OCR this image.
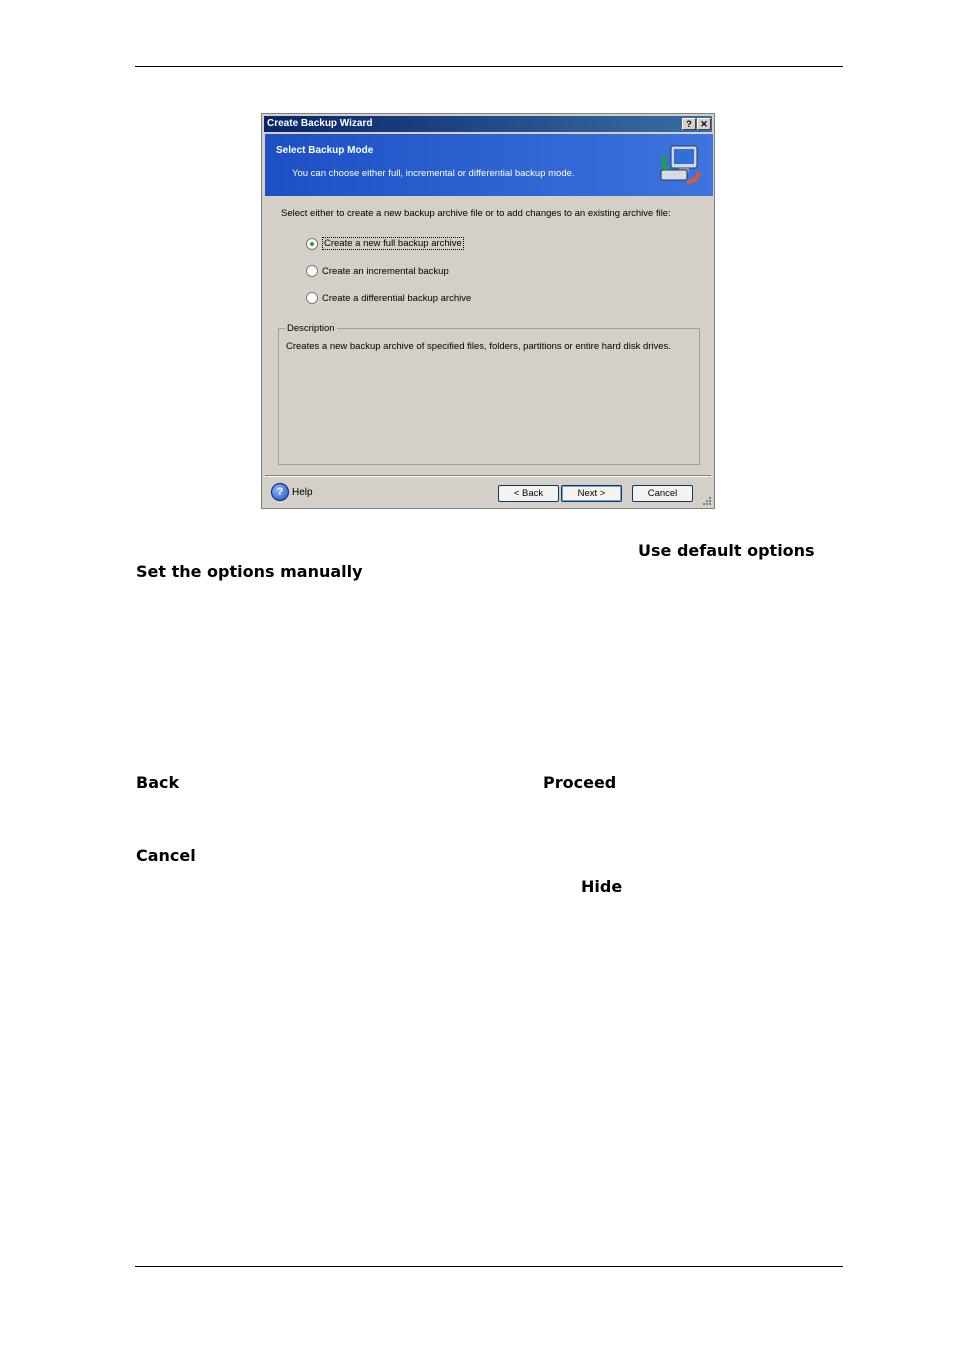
Create Backup Wizard	? ✕
Select Backup Mode
You can choose either full, incremental or differential backup mode.
Select either to create a new backup archive file or to add changes to an existing archive file:
Create a new full backup archive
Create an incremental backup
Create a differential backup archive
Description
Creates a new backup archive of specified files, folders, partitions or entire hard disk drives.
? Help	< Back	Next >	Cancel
Use default options
Set the options manually
Back	Proceed
Cancel
Hide
